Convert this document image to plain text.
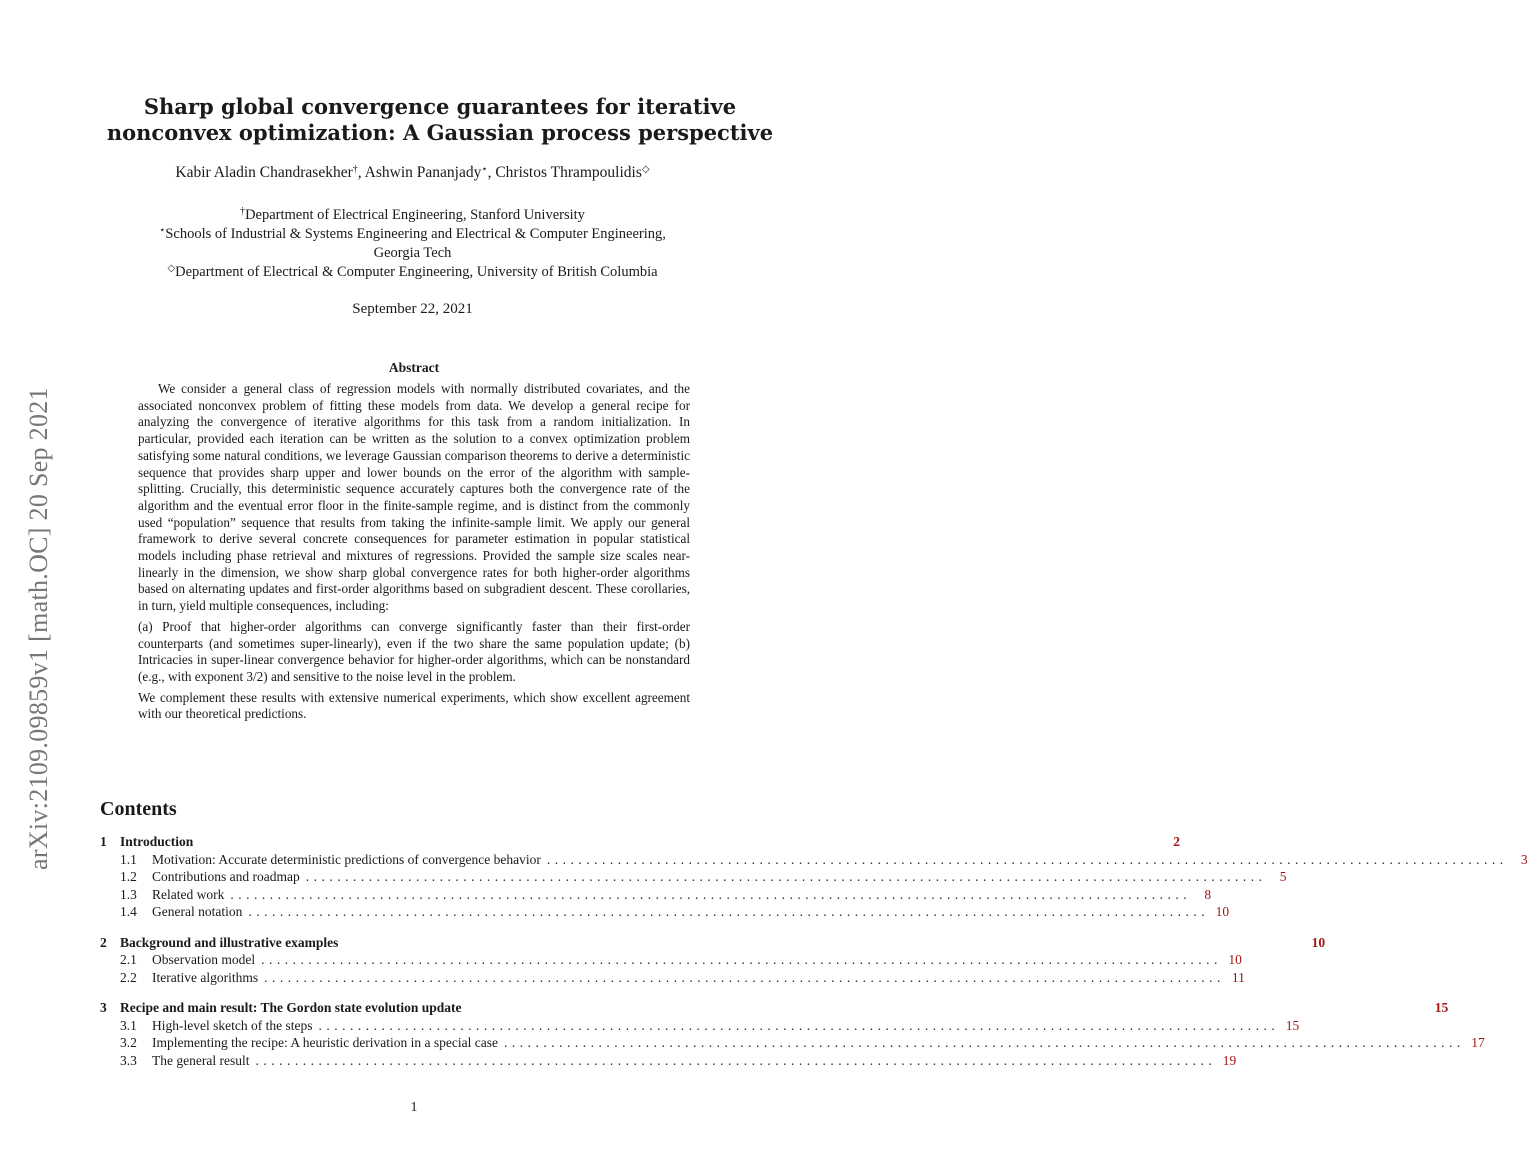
arXiv:2109.09859v1 [math.OC] 20 Sep 2021
Sharp global convergence guarantees for iterative
nonconvex optimization: A Gaussian process perspective
Kabir Aladin Chandrasekher†, Ashwin Pananjady⋆, Christos Thrampoulidis◇
†Department of Electrical Engineering, Stanford University
⋆Schools of Industrial & Systems Engineering and Electrical & Computer Engineering,
Georgia Tech
◇Department of Electrical & Computer Engineering, University of British Columbia
September 22, 2021
Abstract

We consider a general class of regression models with normally distributed covariates, and the associated nonconvex problem of fitting these models from data. We develop a general recipe for analyzing the convergence of iterative algorithms for this task from a random initialization. In particular, provided each iteration can be written as the solution to a convex optimization problem satisfying some natural conditions, we leverage Gaussian comparison theorems to derive a deterministic sequence that provides sharp upper and lower bounds on the error of the algorithm with sample-splitting. Crucially, this deterministic sequence accurately captures both the convergence rate of the algorithm and the eventual error floor in the finite-sample regime, and is distinct from the commonly used “population” sequence that results from taking the infinite-sample limit. We apply our general framework to derive several concrete consequences for parameter estimation in popular statistical models including phase retrieval and mixtures of regressions. Provided the sample size scales near-linearly in the dimension, we show sharp global convergence rates for both higher-order algorithms based on alternating updates and first-order algorithms based on subgradient descent. These corollaries, in turn, yield multiple consequences, including:

(a) Proof that higher-order algorithms can converge significantly faster than their first-order counterparts (and sometimes super-linearly), even if the two share the same population update; (b) Intricacies in super-linear convergence behavior for higher-order algorithms, which can be nonstandard (e.g., with exponent 3/2) and sensitive to the noise level in the problem.

We complement these results with extensive numerical experiments, which show excellent agreement with our theoretical predictions.

Contents
1 Introduction	2
1.1	Motivation: Accurate deterministic predictions of convergence behavior .......................................................................................................................... 3
1.2	Contributions and roadmap .......................................................................................................................... 5
1.3	Related work .......................................................................................................................... 8
1.4	General notation .......................................................................................................................... 10
2 Background and illustrative examples	10
2.1	Observation model .......................................................................................................................... 10
2.2	Iterative algorithms .......................................................................................................................... 11
3 Recipe and main result: The Gordon state evolution update	15
3.1	High-level sketch of the steps .......................................................................................................................... 15
3.2	Implementing the recipe: A heuristic derivation in a special case .......................................................................................................................... 17
3.3	The general result .......................................................................................................................... 19
1
